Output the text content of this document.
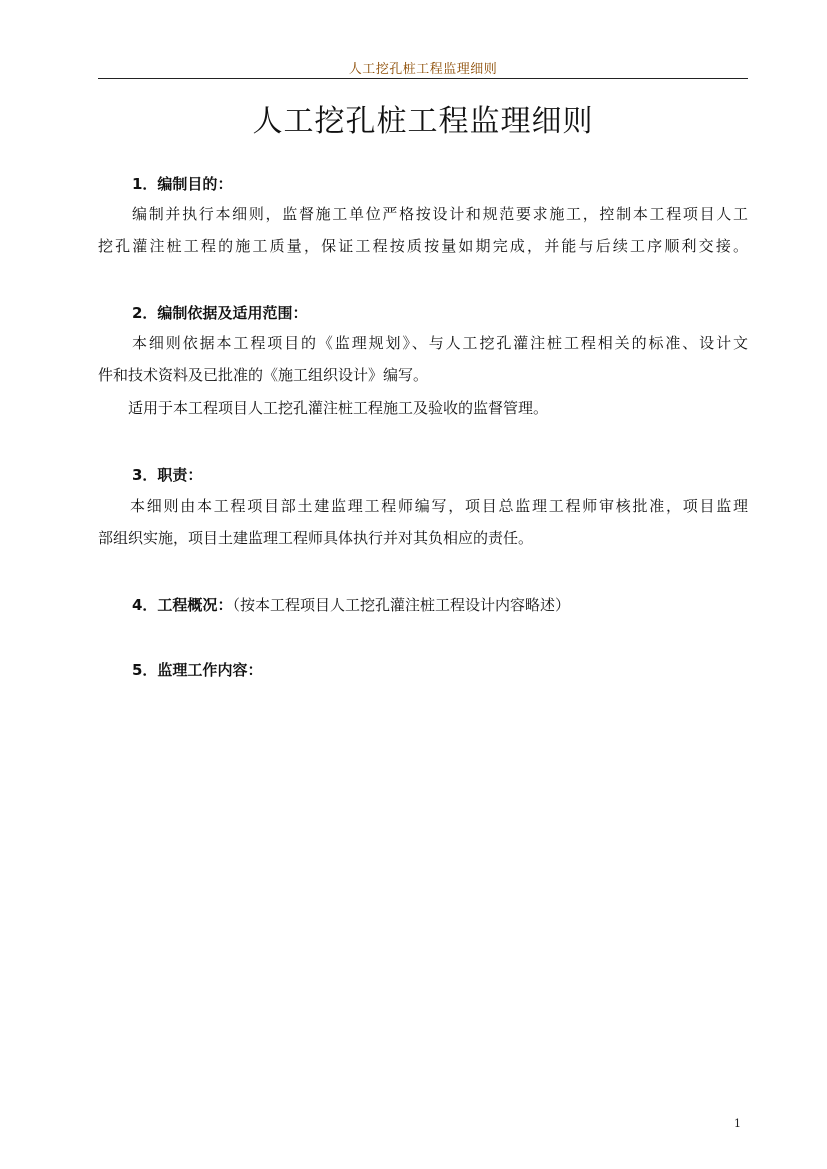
人工挖孔桩工程监理细则
人工挖孔桩工程监理细则
1．编制目的：
编制并执行本细则，监督施工单位严格按设计和规范要求施工，控制本工程项目人工
挖孔灌注桩工程的施工质量，保证工程按质按量如期完成，并能与后续工序顺利交接。
2．编制依据及适用范围：
本细则依据本工程项目的《监理规划》、与人工挖孔灌注桩工程相关的标准、设计文
件和技术资料及已批准的《施工组织设计》编写。
适用于本工程项目人工挖孔灌注桩工程施工及验收的监督管理。
3．职责：
本细则由本工程项目部土建监理工程师编写，项目总监理工程师审核批准，项目监理
部组织实施，项目土建监理工程师具体执行并对其负相应的责任。
4．工程概况：（按本工程项目人工挖孔灌注桩工程设计内容略述）
5．监理工作内容：
1
